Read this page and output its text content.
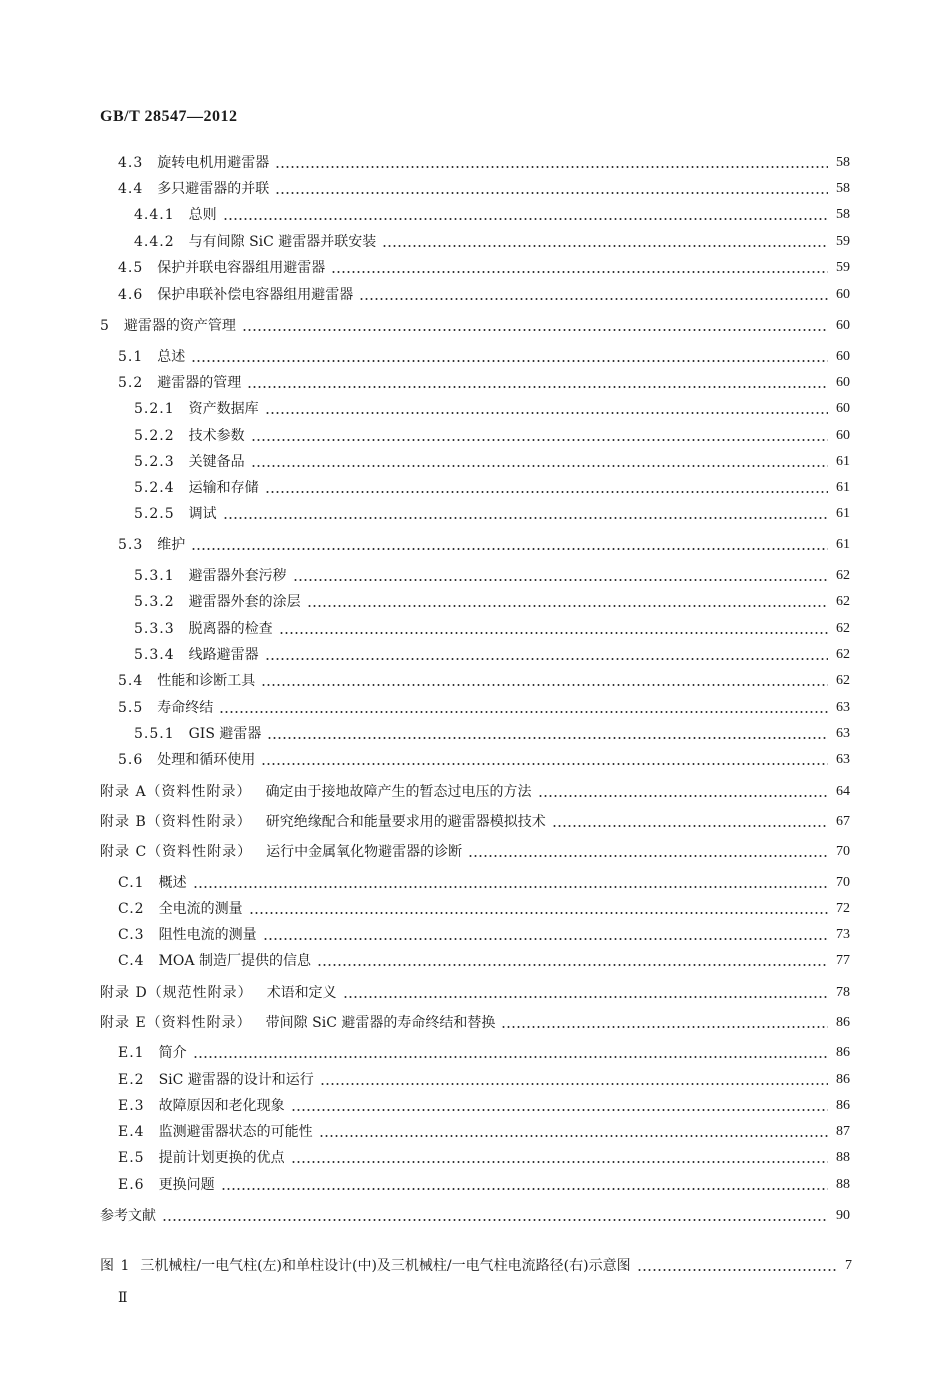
GB/T 28547—2012
4.3 旋转电机用避雷器	58
4.4 多只避雷器的并联	58
4.4.1 总则	58
4.4.2 与有间隙 SiC 避雷器并联安装	59
4.5 保护并联电容器组用避雷器	59
4.6 保护串联补偿电容器组用避雷器	60
5 避雷器的资产管理	60
5.1 总述	60
5.2 避雷器的管理	60
5.2.1 资产数据库	60
5.2.2 技术参数	60
5.2.3 关键备品	61
5.2.4 运输和存储	61
5.2.5 调试	61
5.3 维护	61
5.3.1 避雷器外套污秽	62
5.3.2 避雷器外套的涂层	62
5.3.3 脱离器的检查	62
5.3.4 线路避雷器	62
5.4 性能和诊断工具	62
5.5 寿命终结	63
5.5.1 GIS 避雷器	63
5.6 处理和循环使用	63
附录 A（资料性附录） 确定由于接地故障产生的暂态过电压的方法	64
附录 B（资料性附录） 研究绝缘配合和能量要求用的避雷器模拟技术	67
附录 C（资料性附录） 运行中金属氧化物避雷器的诊断	70
C.1 概述	70
C.2 全电流的测量	72
C.3 阻性电流的测量	73
C.4 MOA 制造厂提供的信息	77
附录 D（规范性附录） 术语和定义	78
附录 E（资料性附录） 带间隙 SiC 避雷器的寿命终结和替换	86
E.1 简介	86
E.2 SiC 避雷器的设计和运行	86
E.3 故障原因和老化现象	86
E.4 监测避雷器状态的可能性	87
E.5 提前计划更换的优点	88
E.6 更换问题	88
参考文献	90
图 1 三机械柱/一电气柱(左)和单柱设计(中)及三机械柱/一电气柱电流路径(右)示意图	7
Ⅱ
